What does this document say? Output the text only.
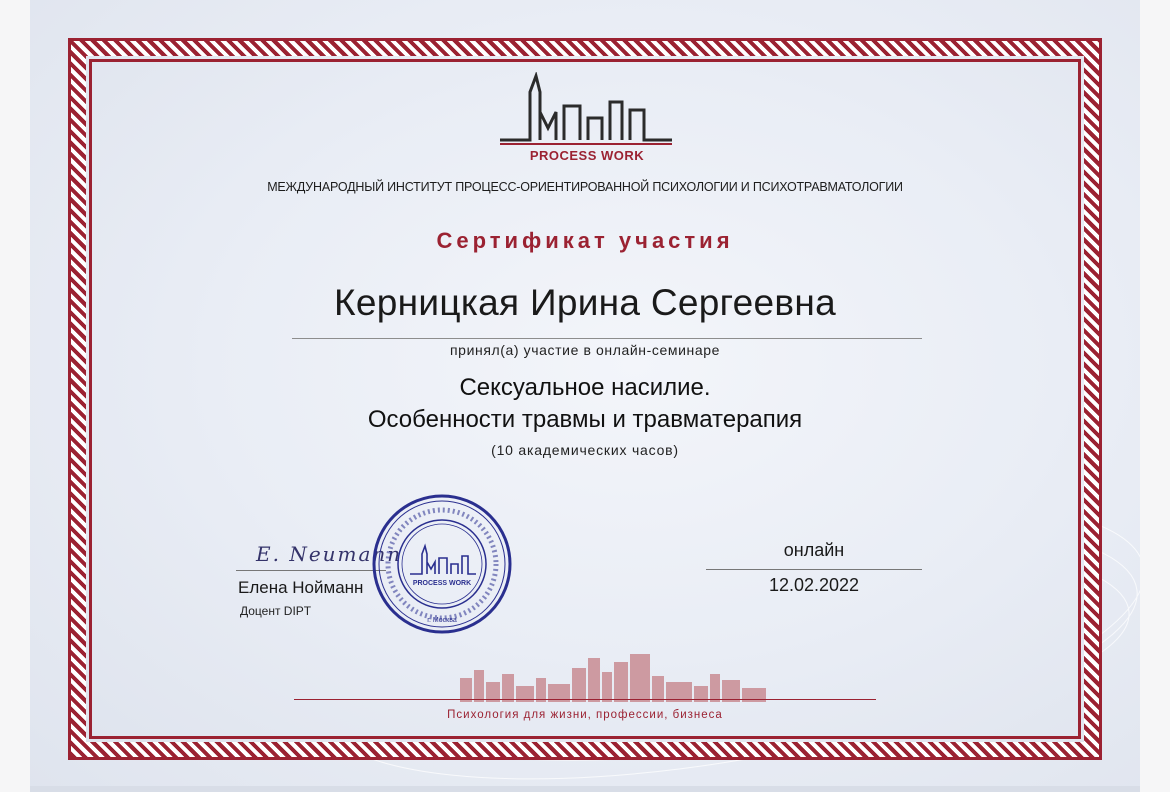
PROCESS WORK
МЕЖДУНАРОДНЫЙ ИНСТИТУТ ПРОЦЕСС-ОРИЕНТИРОВАННОЙ ПСИХОЛОГИИ И ПСИХОТРАВМАТОЛОГИИ
Сертификат участия
Керницкая Ирина Сергеевна
принял(а) участие в онлайн-семинаре
Сексуальное насилие.
Особенности травмы и травматерапия
(10 академических часов)
E. Neumann
Елена Нойманн
Доцент DIPT
PROCESS WORK
г. Москва
онлайн
12.02.2022
Психология для жизни, профессии, бизнеса
